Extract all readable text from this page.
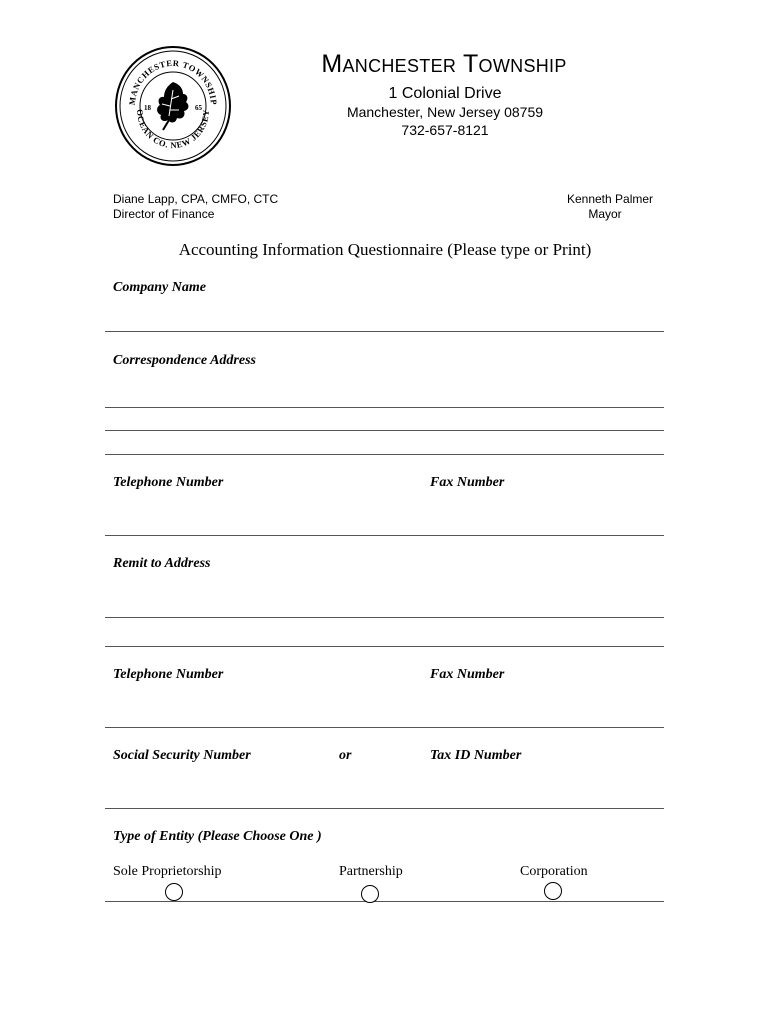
MANCHESTER TOWNSHIP
OCEAN CO. NEW JERSEY
18	65
Manchester Township
1 Colonial Drive
Manchester, New Jersey 08759
732-657-8121
Diane Lapp, CPA, CMFO, CTC
Director of Finance
Kenneth Palmer
Mayor
Accounting Information Questionnaire (Please type or Print)
Company Name
Correspondence Address
Telephone Number	Fax Number
Remit to Address
Telephone Number	Fax Number
Social Security Number	or	Tax ID Number
Type of Entity (Please Choose One )
Sole Proprietorship	Partnership	Corporation
